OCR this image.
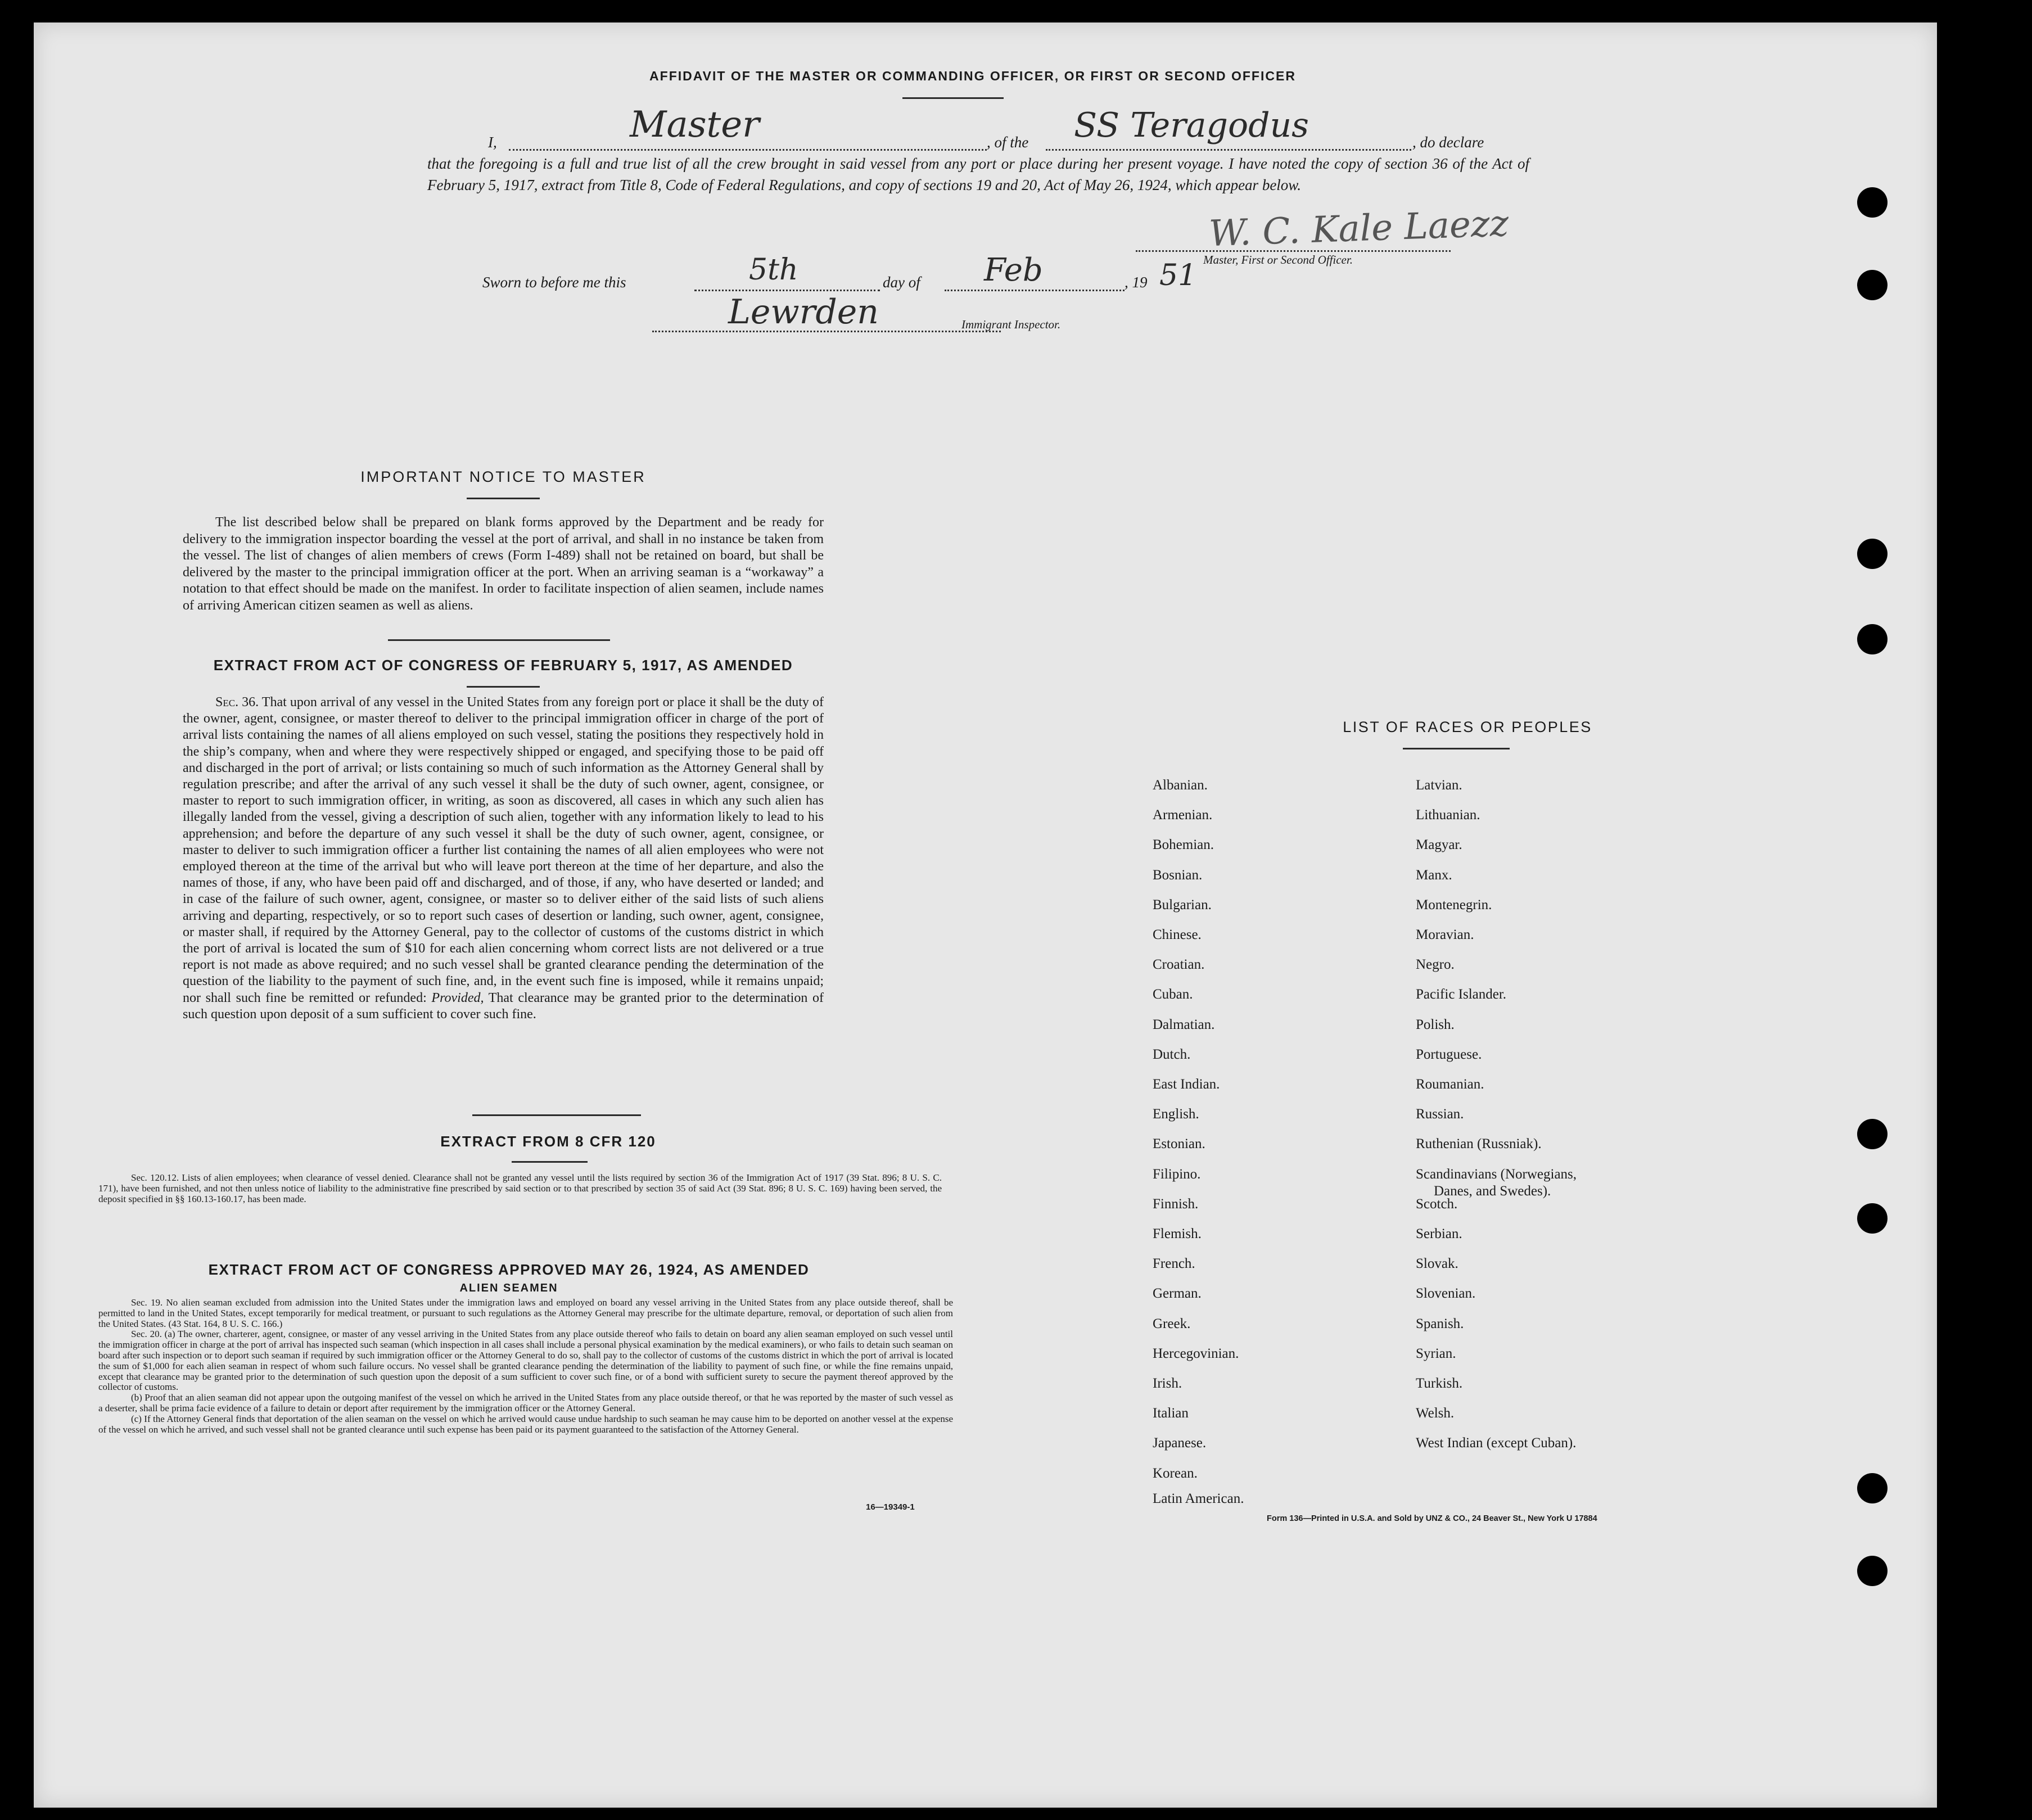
AFFIDAVIT OF THE MASTER OR COMMANDING OFFICER, OR FIRST OR SECOND OFFICER
I,	Master	, of the SS Teragodus	, do declare
that the foregoing is a full and true list of all the crew brought in said vessel from any port or place during her present voyage. I have noted the copy of section 36 of the Act of February 5, 1917, extract from Title 8, Code of Federal Regulations, and copy of sections 19 and 20, Act of May 26, 1924, which appear below.
W. C. Kale Laezz
Master, First or Second Officer.
Sworn to before me this	5th	day of Feb	, 19 51
Lewrden	Immigrant Inspector.
IMPORTANT NOTICE TO MASTER
The list described below shall be prepared on blank forms approved by the Department and be ready for delivery to the immigration inspector boarding the vessel at the port of arrival, and shall in no instance be taken from the vessel. The list of changes of alien members of crews (Form I-489) shall not be retained on board, but shall be delivered by the master to the principal immigration officer at the port. When an arriving seaman is a “workaway” a notation to that effect should be made on the manifest. In order to facilitate inspection of alien seamen, include names of arriving American citizen seamen as well as aliens.
EXTRACT FROM ACT OF CONGRESS OF FEBRUARY 5, 1917, AS AMENDED
Sec. 36. That upon arrival of any vessel in the United States from any foreign port or place it shall be the duty of the owner, agent, consignee, or master thereof to deliver to the principal immigration officer in charge of the port of arrival lists containing the names of all aliens employed on such vessel, stating the positions they respectively hold in the ship’s company, when and where they were respectively shipped or engaged, and specifying those to be paid off and discharged in the port of arrival; or lists containing so much of such information as the Attorney General shall by regulation prescribe; and after the arrival of any such vessel it shall be the duty of such owner, agent, consignee, or master to report to such immigration officer, in writing, as soon as discovered, all cases in which any such alien has illegally landed from the vessel, giving a description of such alien, together with any information likely to lead to his apprehension; and before the departure of any such vessel it shall be the duty of such owner, agent, consignee, or master to deliver to such immigration officer a further list containing the names of all alien employees who were not employed thereon at the time of the arrival but who will leave port thereon at the time of her departure, and also the names of those, if any, who have been paid off and discharged, and of those, if any, who have deserted or landed; and in case of the failure of such owner, agent, consignee, or master so to deliver either of the said lists of such aliens arriving and departing, respectively, or so to report such cases of desertion or landing, such owner, agent, consignee, or master shall, if required by the Attorney General, pay to the collector of customs of the customs district in which the port of arrival is located the sum of $10 for each alien concerning whom correct lists are not delivered or a true report is not made as above required; and no such vessel shall be granted clearance pending the determination of the question of the liability to the payment of such fine, and, in the event such fine is imposed, while it remains unpaid; nor shall such fine be remitted or refunded: Provided, That clearance may be granted prior to the determination of such question upon deposit of a sum sufficient to cover such fine.
EXTRACT FROM 8 CFR 120
Sec. 120.12. Lists of alien employees; when clearance of vessel denied. Clearance shall not be granted any vessel until the lists required by section 36 of the Immigration Act of 1917 (39 Stat. 896; 8 U. S. C. 171), have been furnished, and not then unless notice of liability to the administrative fine prescribed by said section or to that prescribed by section 35 of said Act (39 Stat. 896; 8 U. S. C. 169) having been served, the deposit specified in §§ 160.13-160.17, has been made.
EXTRACT FROM ACT OF CONGRESS APPROVED MAY 26, 1924, AS AMENDED
ALIEN SEAMEN
Sec. 19. No alien seaman excluded from admission into the United States under the immigration laws and employed on board any vessel arriving in the United States from any place outside thereof, shall be permitted to land in the United States, except temporarily for medical treatment, or pursuant to such regulations as the Attorney General may prescribe for the ultimate departure, removal, or deportation of such alien from the United States. (43 Stat. 164, 8 U. S. C. 166.)
Sec. 20. (a) The owner, charterer, agent, consignee, or master of any vessel arriving in the United States from any place outside thereof who fails to detain on board any alien seaman employed on such vessel until the immigration officer in charge at the port of arrival has inspected such seaman (which inspection in all cases shall include a personal physical examination by the medical examiners), or who fails to detain such seaman on board after such inspection or to deport such seaman if required by such immigration officer or the Attorney General to do so, shall pay to the collector of customs of the customs district in which the port of arrival is located the sum of $1,000 for each alien seaman in respect of whom such failure occurs. No vessel shall be granted clearance pending the determination of the liability to payment of such fine, or while the fine remains unpaid, except that clearance may be granted prior to the determination of such question upon the deposit of a sum sufficient to cover such fine, or of a bond with sufficient surety to secure the payment thereof approved by the collector of customs.
(b) Proof that an alien seaman did not appear upon the outgoing manifest of the vessel on which he arrived in the United States from any place outside thereof, or that he was reported by the master of such vessel as a deserter, shall be prima facie evidence of a failure to detain or deport after requirement by the immigration officer or the Attorney General.
(c) If the Attorney General finds that deportation of the alien seaman on the vessel on which he arrived would cause undue hardship to such seaman he may cause him to be deported on another vessel at the expense of the vessel on which he arrived, and such vessel shall not be granted clearance until such expense has been paid or its payment guaranteed to the satisfaction of the Attorney General.
16—19349-1
LIST OF RACES OR PEOPLES
Form 136—Printed in U.S.A. and Sold by UNZ & CO., 24 Beaver St., New York U 17884
Albanian.
Armenian.
Bohemian.
Bosnian.
Bulgarian.
Chinese.
Croatian.
Cuban.
Dalmatian.
Dutch.
East Indian.
English.
Estonian.
Filipino.
Finnish.
Flemish.
French.
German.
Greek.
Hercegovinian.
Irish.
Italian
Japanese.
Korean.
Latin American.
Latvian.
Lithuanian.
Magyar.
Manx.
Montenegrin.
Moravian.
Negro.
Pacific Islander.
Polish.
Portuguese.
Roumanian.
Russian.
Ruthenian (Russniak).
Scandinavians (Norwegians,
Danes, and Swedes).
Scotch.
Serbian.
Slovak.
Slovenian.
Spanish.
Syrian.
Turkish.
Welsh.
West Indian (except Cuban).
